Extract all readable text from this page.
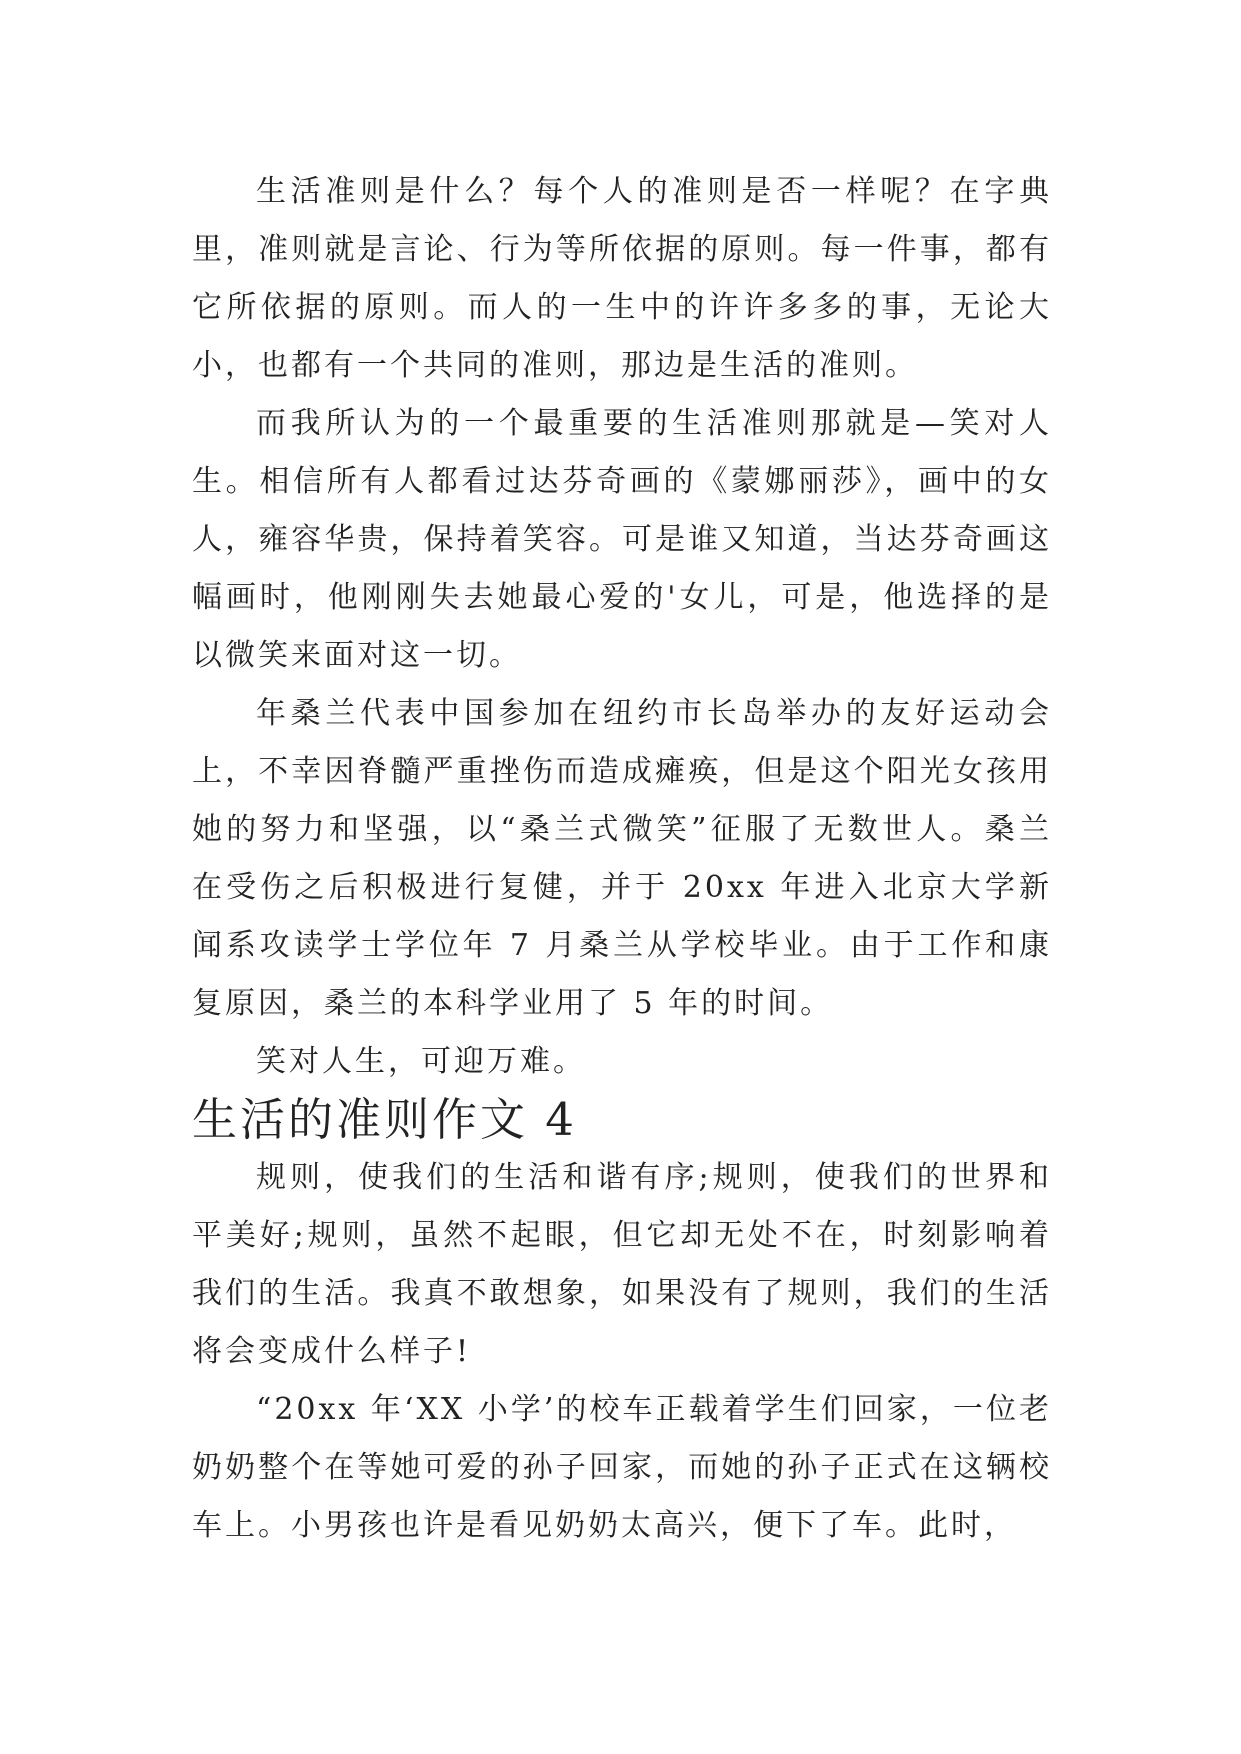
生活准则是什么？每个人的准则是否一样呢？在字典里，准则就是言论、行为等所依据的原则。每一件事，都有它所依据的原则。而人的一生中的许许多多的事，无论大小，也都有一个共同的准则，那边是生活的准则。

而我所认为的一个最重要的生活准则那就是—笑对人生。相信所有人都看过达芬奇画的《蒙娜丽莎》，画中的女人，雍容华贵，保持着笑容。可是谁又知道，当达芬奇画这幅画时，他刚刚失去她最心爱的'女儿，可是，他选择的是以微笑来面对这一切。

年桑兰代表中国参加在纽约市长岛举办的友好运动会上，不幸因脊髓严重挫伤而造成瘫痪，但是这个阳光女孩用她的努力和坚强，以“桑兰式微笑”征服了无数世人。桑兰在受伤之后积极进行复健，并于 20xx 年进入北京大学新闻系攻读学士学位年 7 月桑兰从学校毕业。由于工作和康复原因，桑兰的本科学业用了 5 年的时间。

笑对人生，可迎万难。

生活的准则作文 4

规则，使我们的生活和谐有序;规则，使我们的世界和平美好;规则，虽然不起眼，但它却无处不在，时刻影响着我们的生活。我真不敢想象，如果没有了规则，我们的生活将会变成什么样子!

“20xx 年‘XX 小学’的校车正载着学生们回家，一位老奶奶整个在等她可爱的孙子回家，而她的孙子正式在这辆校车上。小男孩也许是看见奶奶太高兴，便下了车。此时，
